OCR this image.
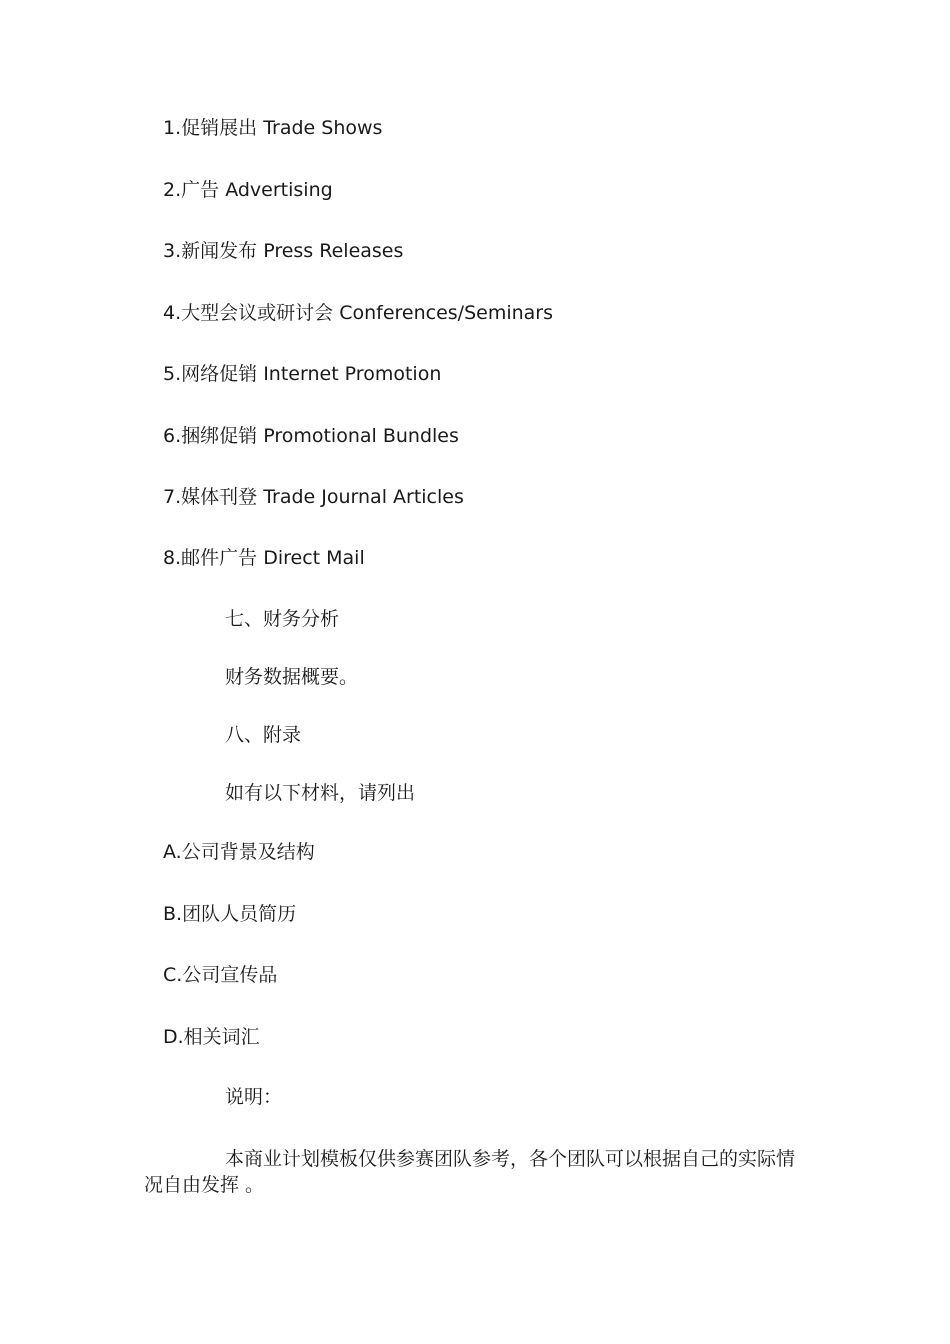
1.促销展出 Trade Shows
2.广告 Advertising
3.新闻发布 Press Releases
4.大型会议或研讨会 Conferences/Seminars
5.网络促销 Internet Promotion
6.捆绑促销 Promotional Bundles
7.媒体刊登 Trade Journal Articles
8.邮件广告 Direct Mail
七、财务分析
财务数据概要。
八、附录
如有以下材料，请列出
A.公司背景及结构
B.团队人员简历
C.公司宣传品
D.相关词汇
说明：
本商业计划模板仅供参赛团队参考，各个团队可以根据自己的实际情况自由发挥 。
